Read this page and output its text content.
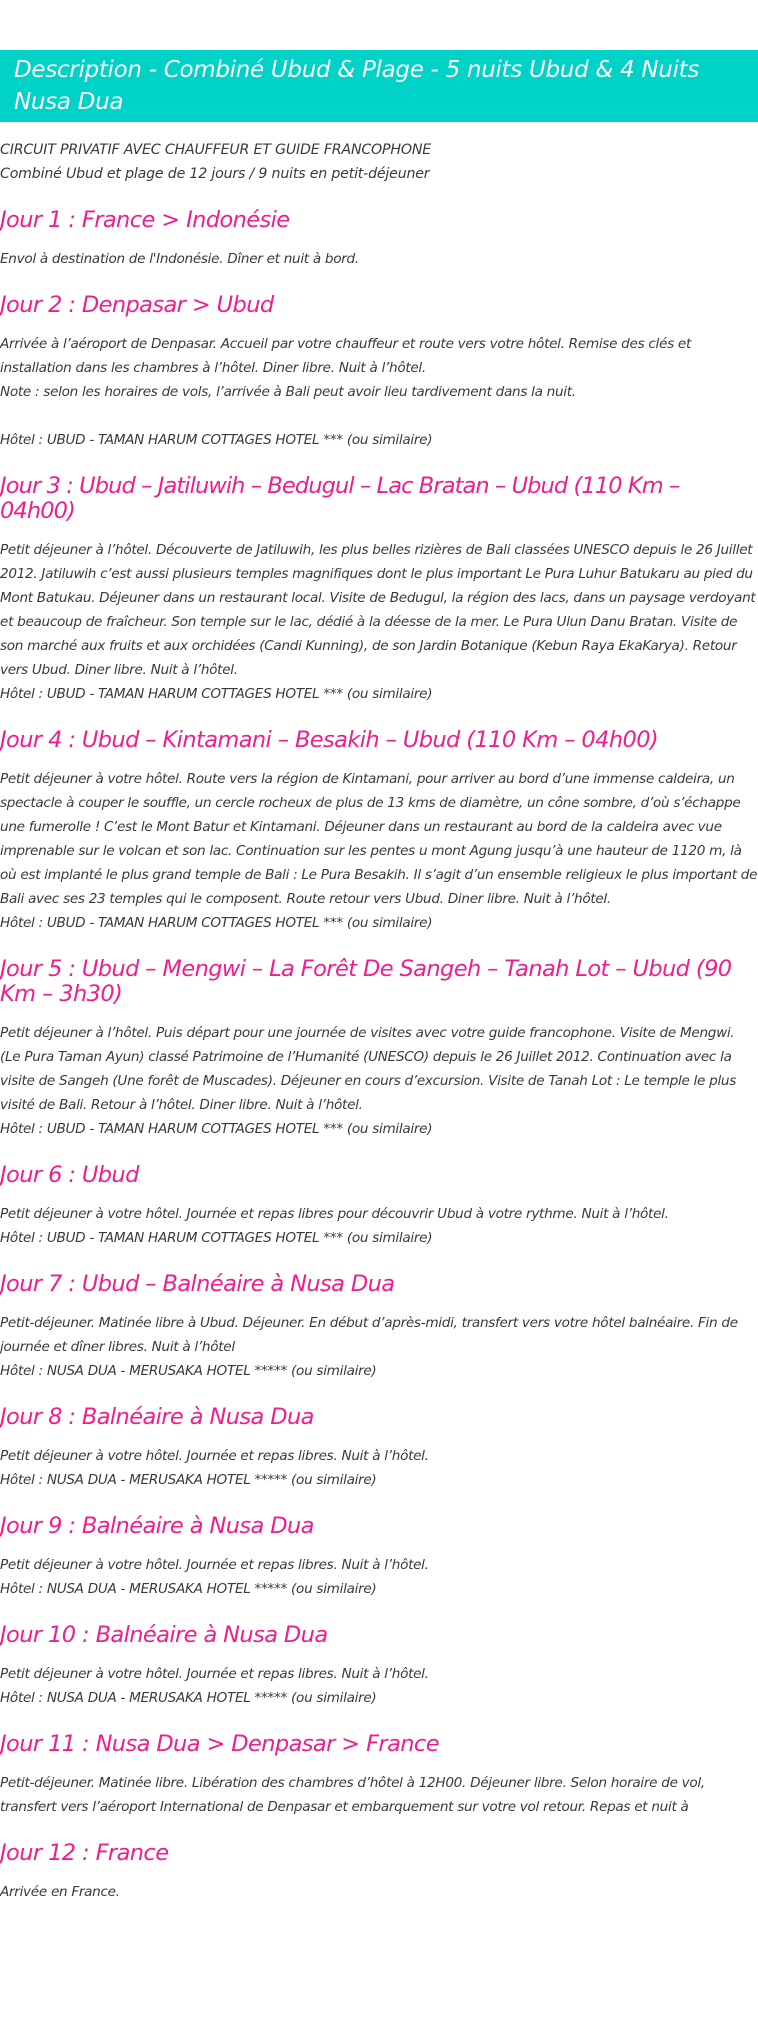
Description - Combiné Ubud & Plage - 5 nuits Ubud & 4 Nuits Nusa Dua
CIRCUIT PRIVATIF AVEC CHAUFFEUR ET GUIDE FRANCOPHONE
Combiné Ubud et plage de 12 jours / 9 nuits en petit-déjeuner
Jour 1 : France > Indonésie

Envol à destination de l'Indonésie. Dîner et nuit à bord.

Jour 2 : Denpasar > Ubud

Arrivée à l’aéroport de Denpasar. Accueil par votre chauffeur et route vers votre hôtel. Remise des clés et installation dans les chambres à l’hôtel. Diner libre. Nuit à l’hôtel.
Note : selon les horaires de vols, l’arrivée à Bali peut avoir lieu tardivement dans la nuit.
Hôtel : UBUD - TAMAN HARUM COTTAGES HOTEL *** (ou similaire)

Jour 3 : Ubud – Jatiluwih – Bedugul – Lac Bratan – Ubud (110 Km – 04h00)

Petit déjeuner à l’hôtel. Découverte de Jatiluwih, les plus belles rizières de Bali classées UNESCO depuis le 26 Juillet 2012. Jatiluwih c’est aussi plusieurs temples magnifiques dont le plus important Le Pura Luhur Batukaru au pied du Mont Batukau. Déjeuner dans un restaurant local. Visite de Bedugul, la région des lacs, dans un paysage verdoyant et beaucoup de fraîcheur. Son temple sur le lac, dédié à la déesse de la mer. Le Pura Ulun Danu Bratan. Visite de son marché aux fruits et aux orchidées (Candi Kunning), de son Jardin Botanique (Kebun Raya EkaKarya). Retour vers Ubud. Diner libre. Nuit à l’hôtel.
Hôtel : UBUD - TAMAN HARUM COTTAGES HOTEL *** (ou similaire)

Jour 4 : Ubud – Kintamani – Besakih – Ubud (110 Km – 04h00)

Petit déjeuner à votre hôtel. Route vers la région de Kintamani, pour arriver au bord d’une immense caldeira, un spectacle à couper le souffle, un cercle rocheux de plus de 13 kms de diamètre, un cône sombre, d’où s’échappe une fumerolle ! C’est le Mont Batur et Kintamani. Déjeuner dans un restaurant au bord de la caldeira avec vue imprenable sur le volcan et son lac. Continuation sur les pentes u mont Agung jusqu’à une hauteur de 1120 m, là où est implanté le plus grand temple de Bali : Le Pura Besakih. Il s’agit d’un ensemble religieux le plus important de Bali avec ses 23 temples qui le composent. Route retour vers Ubud. Diner libre. Nuit à l’hôtel.
Hôtel : UBUD - TAMAN HARUM COTTAGES HOTEL *** (ou similaire)

Jour 5 : Ubud – Mengwi – La Forêt De Sangeh – Tanah Lot – Ubud (90 Km – 3h30)

Petit déjeuner à l’hôtel. Puis départ pour une journée de visites avec votre guide francophone. Visite de Mengwi. (Le Pura Taman Ayun) classé Patrimoine de l’Humanité (UNESCO) depuis le 26 Juillet 2012. Continuation avec la visite de Sangeh (Une forêt de Muscades). Déjeuner en cours d’excursion. Visite de Tanah Lot : Le temple le plus visité de Bali. Retour à l’hôtel. Diner libre. Nuit à l’hôtel.
Hôtel : UBUD - TAMAN HARUM COTTAGES HOTEL *** (ou similaire)

Jour 6 : Ubud

Petit déjeuner à votre hôtel. Journée et repas libres pour découvrir Ubud à votre rythme. Nuit à l’hôtel.
Hôtel : UBUD - TAMAN HARUM COTTAGES HOTEL *** (ou similaire)

Jour 7 : Ubud – Balnéaire à Nusa Dua

Petit-déjeuner. Matinée libre à Ubud. Déjeuner. En début d’après-midi, transfert vers votre hôtel balnéaire. Fin de journée et dîner libres. Nuit à l’hôtel
Hôtel : NUSA DUA - MERUSAKA HOTEL ***** (ou similaire)

Jour 8 : Balnéaire à Nusa Dua

Petit déjeuner à votre hôtel. Journée et repas libres. Nuit à l’hôtel.
Hôtel : NUSA DUA - MERUSAKA HOTEL ***** (ou similaire)

Jour 9 : Balnéaire à Nusa Dua

Petit déjeuner à votre hôtel. Journée et repas libres. Nuit à l’hôtel.
Hôtel : NUSA DUA - MERUSAKA HOTEL ***** (ou similaire)

Jour 10 : Balnéaire à Nusa Dua

Petit déjeuner à votre hôtel. Journée et repas libres. Nuit à l’hôtel.
Hôtel : NUSA DUA - MERUSAKA HOTEL ***** (ou similaire)

Jour 11 : Nusa Dua > Denpasar > France

Petit-déjeuner. Matinée libre. Libération des chambres d’hôtel à 12H00. Déjeuner libre. Selon horaire de vol, transfert vers l’aéroport International de Denpasar et embarquement sur votre vol retour. Repas et nuit à

Jour 12 : France

Arrivée en France.
